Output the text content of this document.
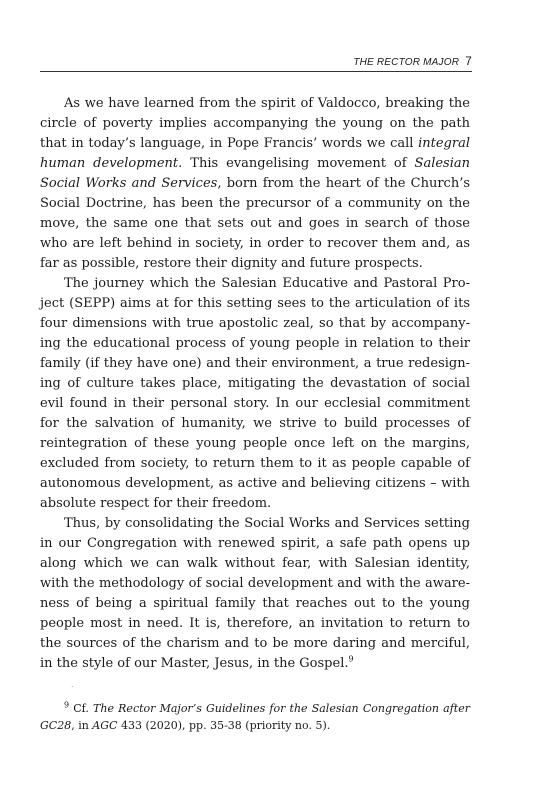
THE RECTOR MAJOR 7

As we have learned from the spirit of Valdocco, breaking the circle of poverty implies accompanying the young on the path that in today’s language, in Pope Francis’ words we call integral human development. This evangelising movement of Salesian Social Works and Services, born from the heart of the Church’s Social Doctrine, has been the precursor of a community on the move, the same one that sets out and goes in search of those who are left behind in society, in order to recover them and, as far as possible, restore their dignity and future prospects.

The journey which the Salesian Educative and Pastoral Project (SEPP) aims at for this setting sees to the articulation of its four dimensions with true apostolic zeal, so that by accompanying the educational process of young people in relation to their family (if they have one) and their environment, a true redesigning of culture takes place, mitigating the devastation of social evil found in their personal story. In our ecclesial commitment for the salvation of humanity, we strive to build processes of reintegration of these young people once left on the margins, excluded from society, to return them to it as people capable of autonomous development, as active and believing citizens – with absolute respect for their freedom.

Thus, by consolidating the Social Works and Services setting in our Congregation with renewed spirit, a safe path opens up along which we can walk without fear, with Salesian identity, with the methodology of social development and with the awareness of being a spiritual family that reaches out to the young people most in need. It is, therefore, an invitation to return to the sources of the charism and to be more daring and merciful, in the style of our Master, Jesus, in the Gospel.$^9$

.

$^9$ Cf. The Rector Major’s Guidelines for the Salesian Congregation after GC28, in AGC 433 (2020), pp. 35-38 (priority no. 5).
